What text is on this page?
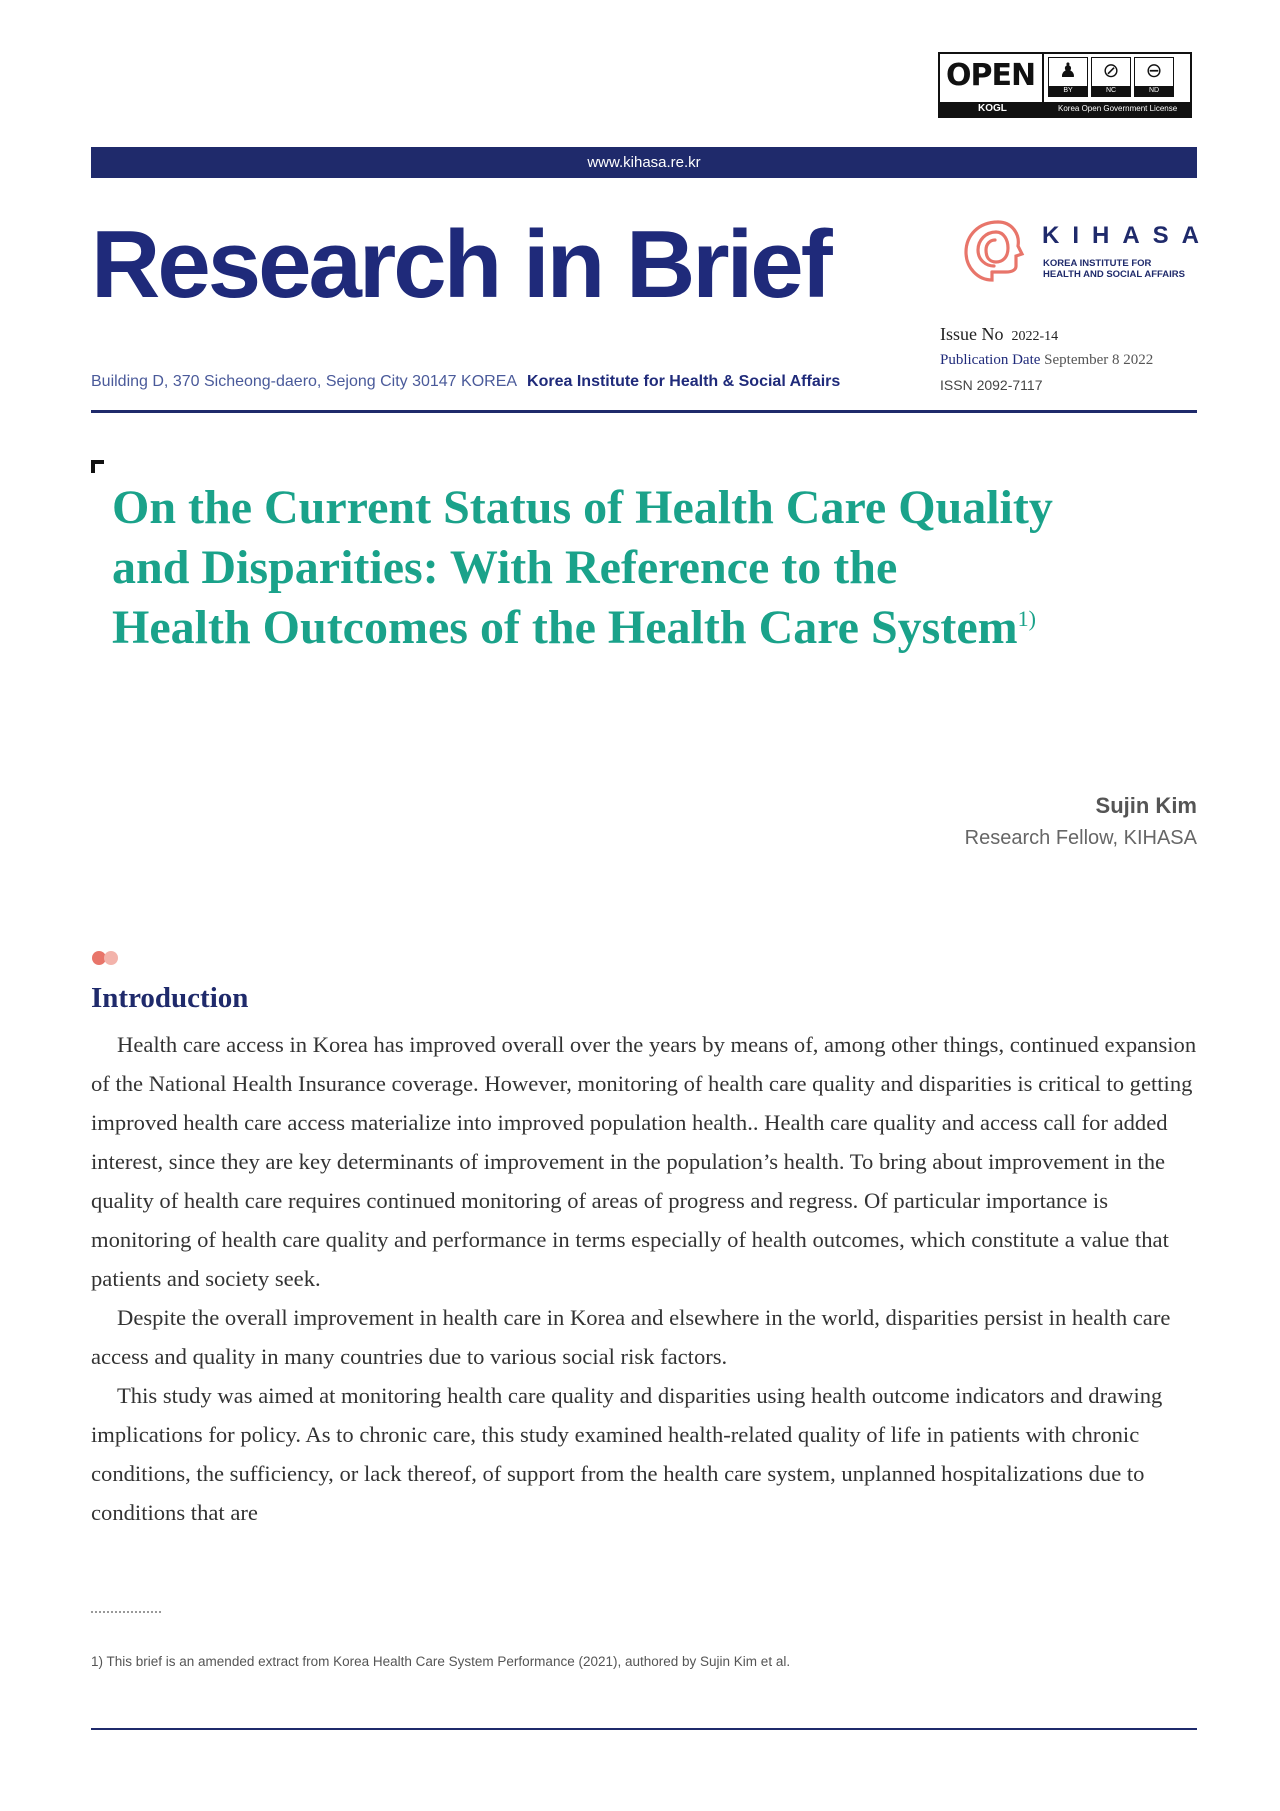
OPEN	♟
BY
⊘
NC
⊖
ND
KOGL	Korea Open Government License
www.kihasa.re.kr
Research in Brief	KIHASA
KOREA INSTITUTE FOR
HEALTH AND SOCIAL AFFAIRS
Issue No 2022-14
Publication Date September 8 2022
ISSN 2092-7117
Building D, 370 Sicheong-daero, Sejong City 30147 KOREA Korea Institute for Health & Social Affairs
On the Current Status of Health Care Quality
and Disparities: With Reference to the
Health Outcomes of the Health Care System$^{1)}$
Sujin Kim
Research Fellow, KIHASA
Introduction

Health care access in Korea has improved overall over the years by means of, among other things, continued expansion of the National Health Insurance coverage. However, monitoring of health care quality and disparities is critical to getting improved health care access materialize into improved population health.. Health care quality and access call for added interest, since they are key determinants of improvement in the population’s health. To bring about improvement in the quality of health care requires continued monitoring of areas of progress and regress. Of particular importance is monitoring of health care quality and performance in terms especially of health outcomes, which constitute a value that patients and society seek.

Despite the overall improvement in health care in Korea and elsewhere in the world, disparities persist in health care access and quality in many countries due to various social risk factors.

This study was aimed at monitoring health care quality and disparities using health outcome indicators and drawing implications for policy. As to chronic care, this study examined health-related quality of life in patients with chronic conditions, the sufficiency, or lack thereof, of support from the health care system, unplanned hospitalizations due to conditions that are

1) This brief is an amended extract from Korea Health Care System Performance (2021), authored by Sujin Kim et al.
